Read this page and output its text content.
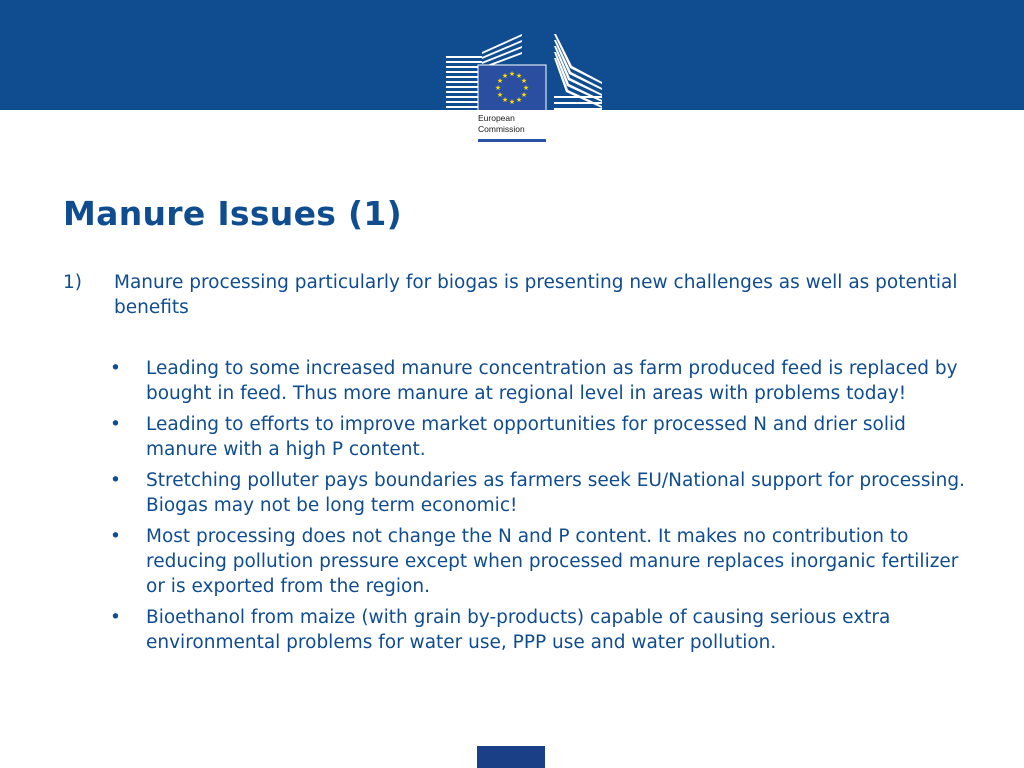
★ ★
★
★
★
★
★
★
★
★
★
★
European
Commission
Manure Issues (1)
1) Manure processing particularly for biogas is presenting new challenges as well as potential benefits
• Leading to some increased manure concentration as farm produced feed is replaced by bought in feed. Thus more manure at regional level in areas with problems today!
• Leading to efforts to improve market opportunities for processed N and drier solid manure with a high P content.
• Stretching polluter pays boundaries as farmers seek EU/National support for processing. Biogas may not be long term economic!
• Most processing does not change the N and P content. It makes no contribution to reducing pollution pressure except when processed manure replaces inorganic fertilizer or is exported from the region.
• Bioethanol from maize (with grain by-products) capable of causing serious extra environmental problems for water use, PPP use and water pollution.
